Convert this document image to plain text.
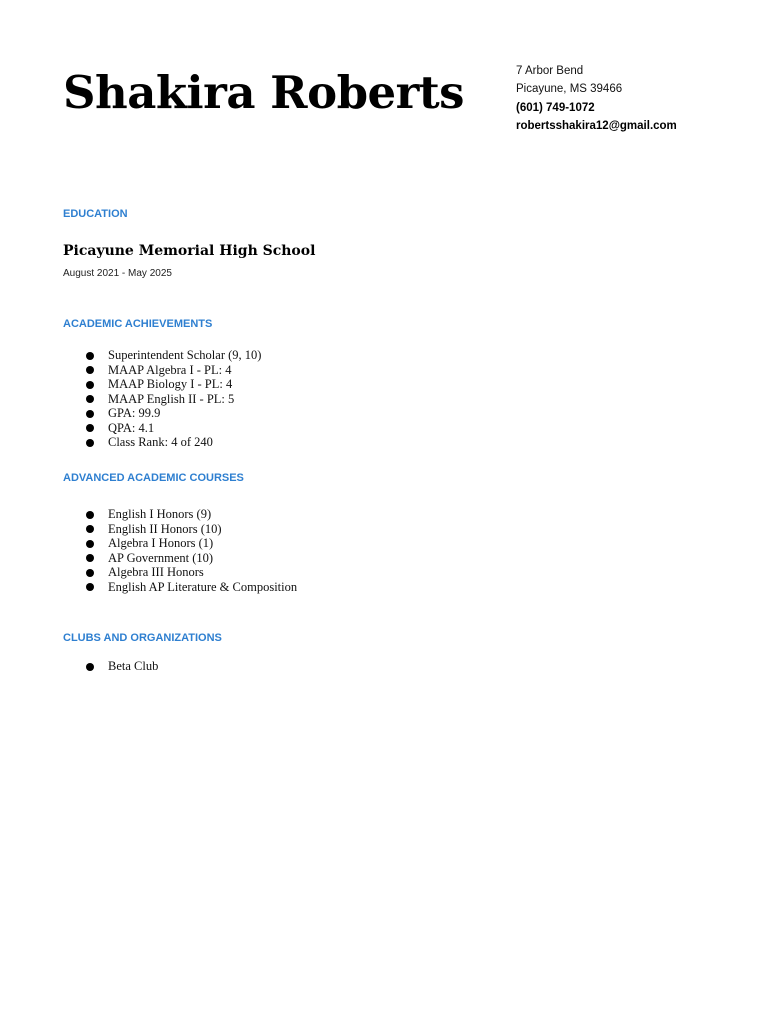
Shakira Roberts	7 Arbor Bend
Picayune, MS 39466
(601) 749-1072
robertsshakira12@gmail.com
EDUCATION
Picayune Memorial High School
August 2021 - May 2025
ACADEMIC ACHIEVEMENTS
Superintendent Scholar (9, 10)
MAAP Algebra I - PL: 4
MAAP Biology I - PL: 4
MAAP English II - PL: 5
GPA: 99.9
QPA: 4.1
Class Rank: 4 of 240
ADVANCED ACADEMIC COURSES
English I Honors (9)
English II Honors (10)
Algebra I Honors (1)
AP Government (10)
Algebra III Honors
English AP Literature & Composition
CLUBS AND ORGANIZATIONS
Beta Club
